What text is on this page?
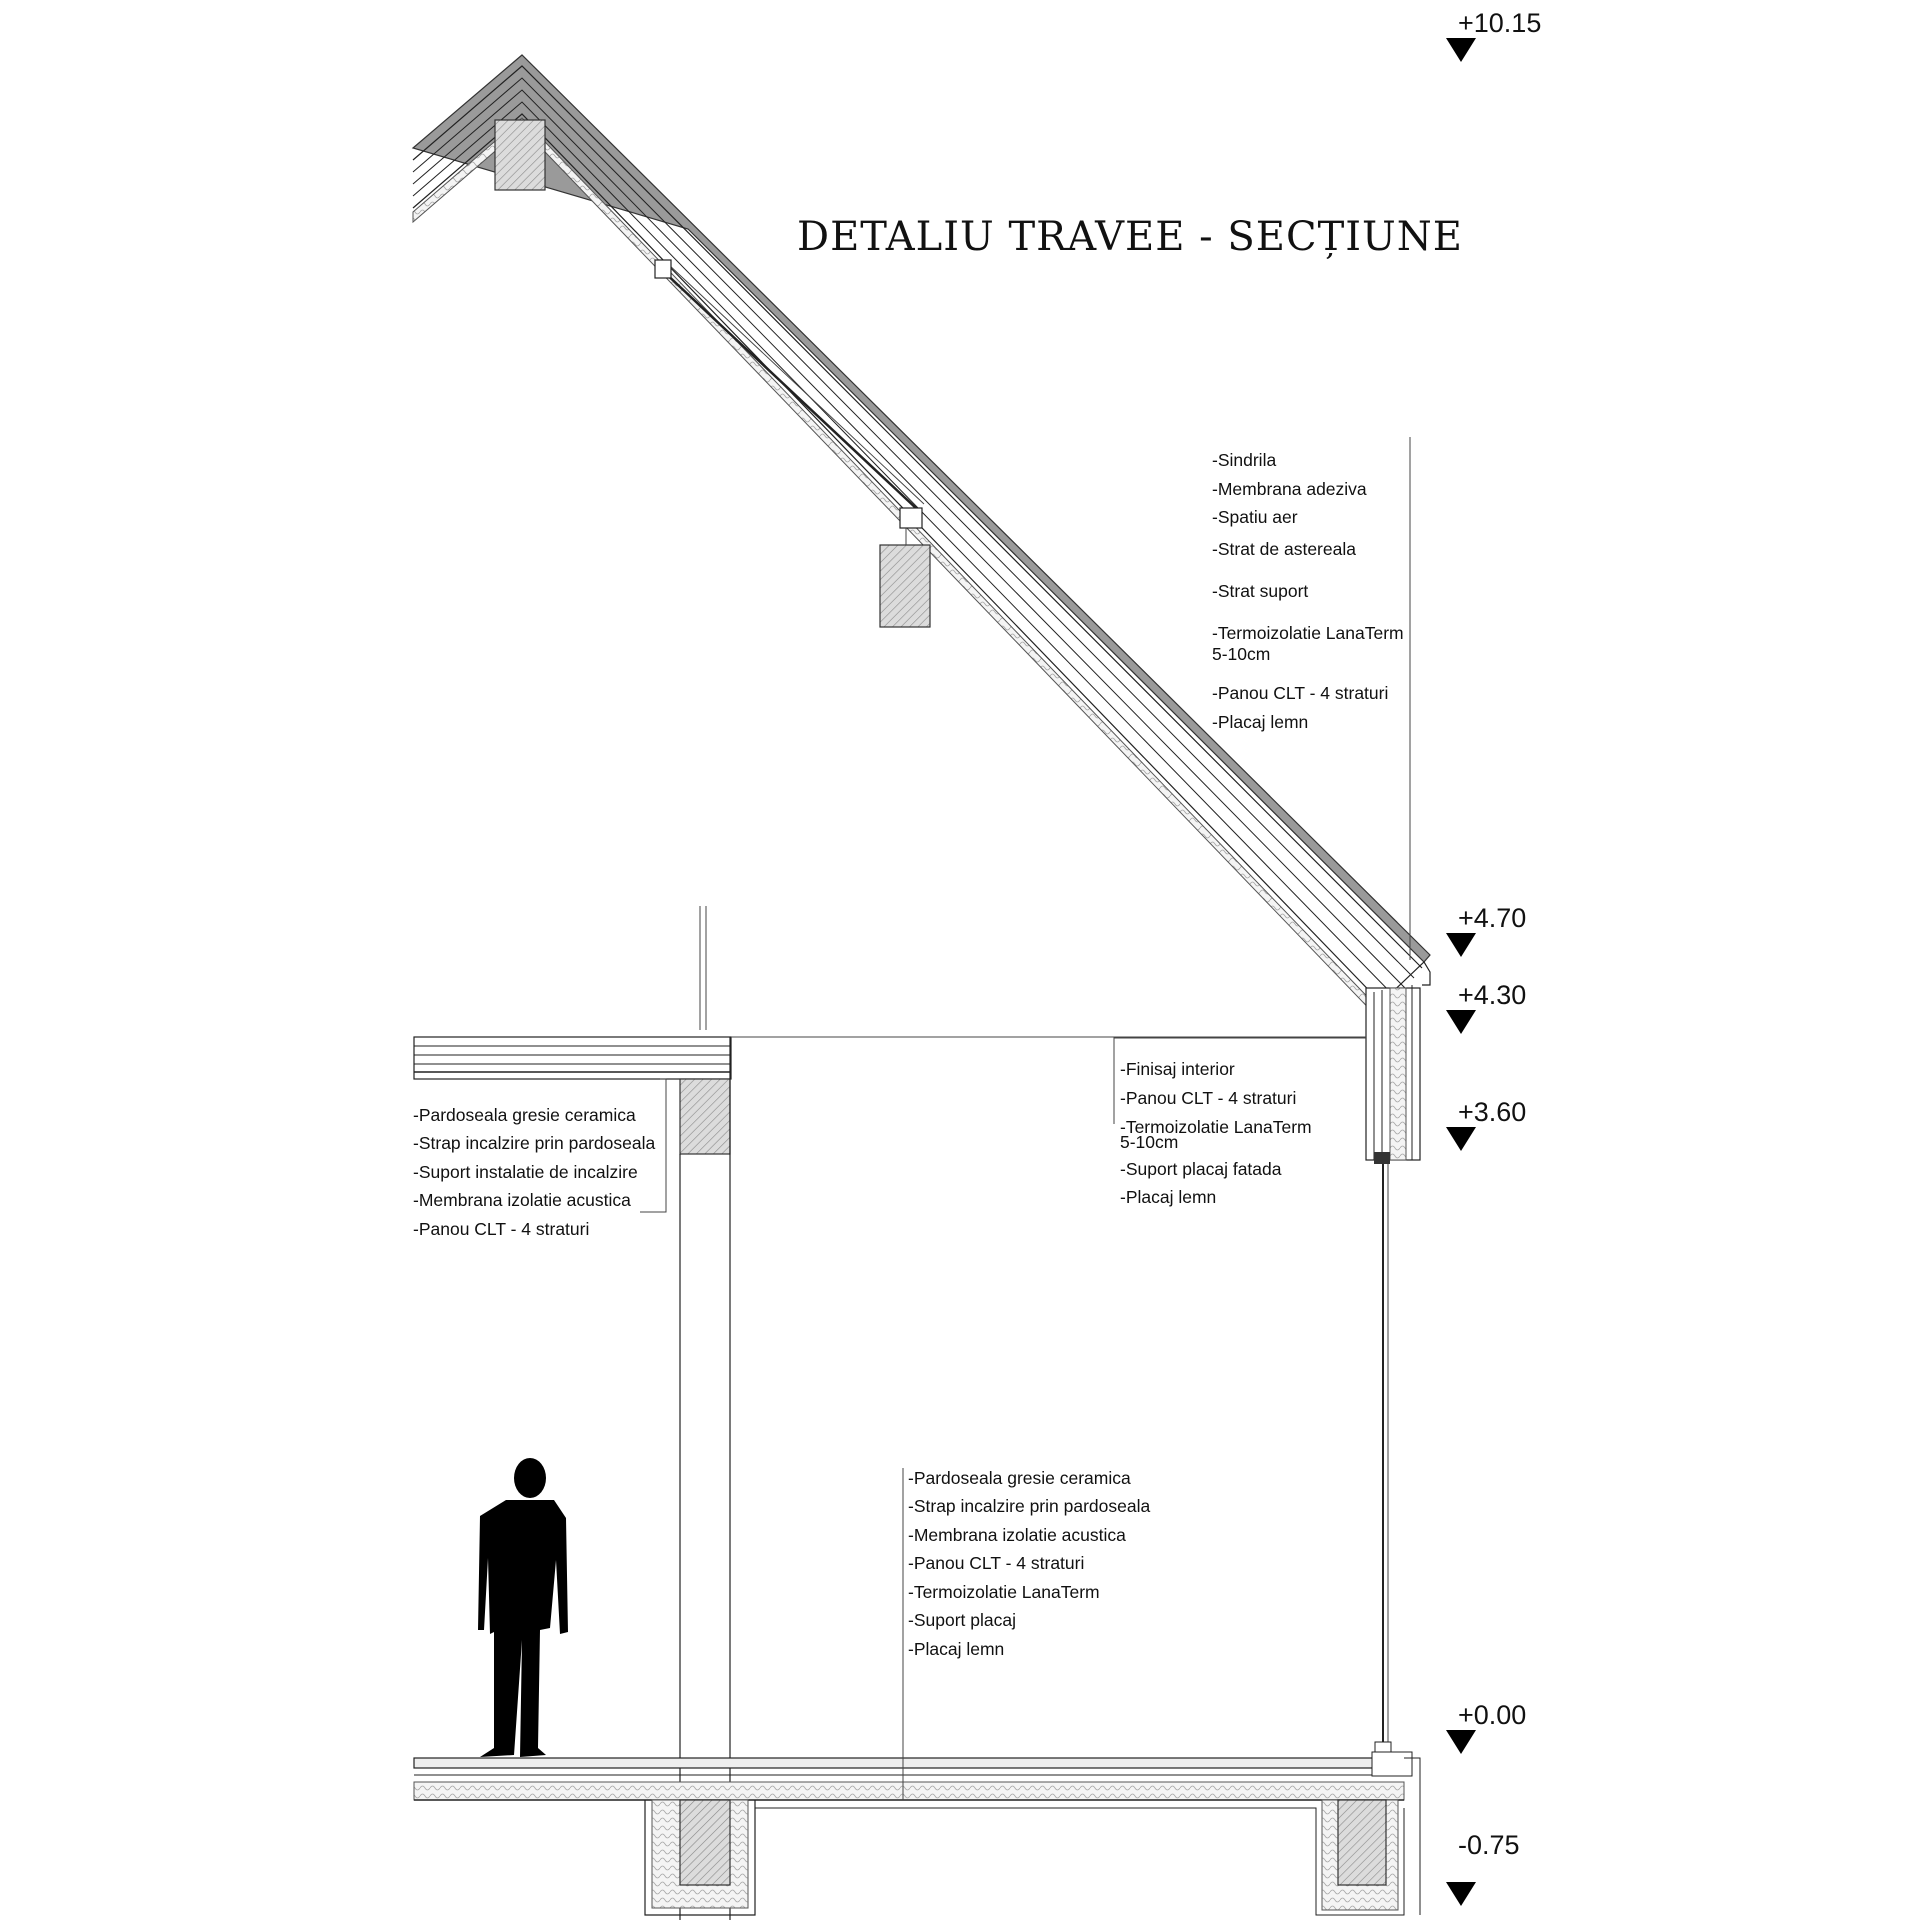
DETALIU TRAVEE - SECȚIUNE
-Sindrila
-Membrana adeziva
-Spatiu aer
-Strat de astereala
-Strat suport
-Termoizolatie LanaTerm
5-10cm
-Panou CLT - 4 straturi
-Placaj lemn
-Finisaj interior
-Panou CLT - 4 straturi
-Termoizolatie LanaTerm
5-10cm
-Suport placaj fatada
-Placaj lemn
-Pardoseala gresie ceramica
-Strap incalzire prin pardoseala
-Suport instalatie de incalzire
-Membrana izolatie acustica
-Panou CLT - 4 straturi
-Pardoseala gresie ceramica
-Strap incalzire prin pardoseala
-Membrana izolatie acustica
-Panou CLT - 4 straturi
-Termoizolatie LanaTerm
-Suport placaj
-Placaj lemn
+10.15
+4.70
+4.30
+3.60
+0.00
-0.75
